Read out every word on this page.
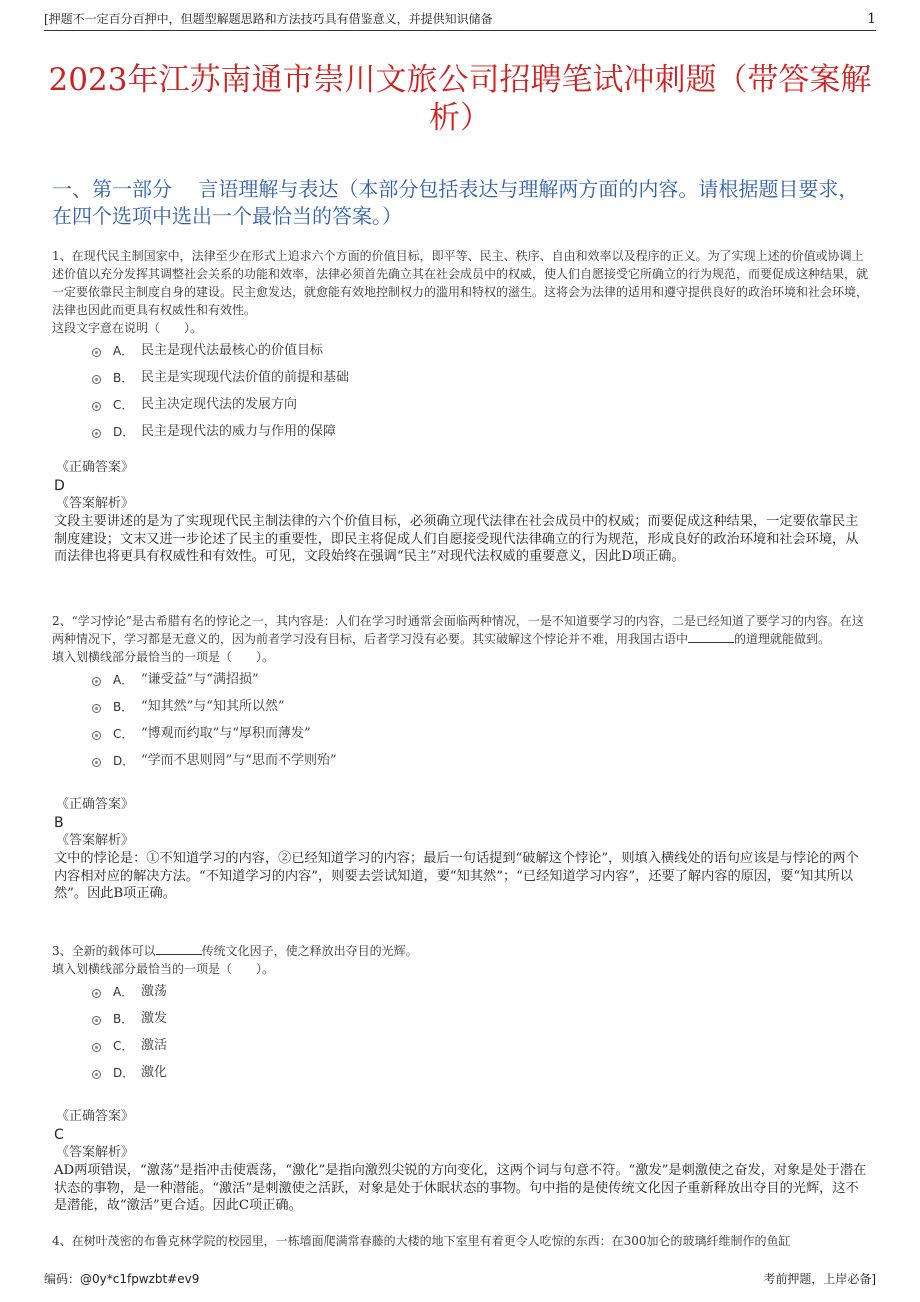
[押题不一定百分百押中，但题型解题思路和方法技巧具有借鉴意义，并提供知识储备	1
2023年江苏南通市崇川文旅公司招聘笔试冲刺题（带答案解析）
一、第一部分　 言语理解与表达（本部分包括表达与理解两方面的内容。请根据题目要求，在四个选项中选出一个最恰当的答案。）

1、在现代民主制国家中，法律至少在形式上追求六个方面的价值目标，即平等、民主、秩序、自由和效率以及程序的正义。为了实现上述的价值或协调上述价值以充分发挥其调整社会关系的功能和效率，法律必须首先确立其在社会成员中的权威，使人们自愿接受它所确立的行为规范，而要促成这种结果，就一定要依靠民主制度自身的建设。民主愈发达，就愈能有效地控制权力的滥用和特权的滋生。这将会为法律的适用和遵守提供良好的政治环境和社会环境，法律也因此而更具有权威性和有效性。

这段文字意在说明（　　）。

A． 民主是现代法最核心的价值目标
B． 民主是实现现代法价值的前提和基础
C． 民主决定现代法的发展方向
D． 民主是现代法的威力与作用的保障

《正确答案》

D

《答案解析》

文段主要讲述的是为了实现现代民主制法律的六个价值目标，必须确立现代法律在社会成员中的权威；而要促成这种结果，一定要依靠民主制度建设；文末又进一步论述了民主的重要性，即民主将促成人们自愿接受现代法律确立的行为规范，形成良好的政治环境和社会环境，从而法律也将更具有权威性和有效性。可见，文段始终在强调“民主”对现代法权威的重要意义，因此D项正确。

2、“学习悖论”是古希腊有名的悖论之一，其内容是：人们在学习时通常会面临两种情况，一是不知道要学习的内容，二是已经知道了要学习的内容。在这两种情况下，学习都是无意义的，因为前者学习没有目标，后者学习没有必要。其实破解这个悖论并不难，用我国古语中	的道理就能做到。

填入划横线部分最恰当的一项是（　　）。

A． “谦受益”与“满招损”
B． “知其然”与“知其所以然”
C． “博观而约取”与“厚积而薄发”
D． “学而不思则罔”与“思而不学则殆”

《正确答案》

B

《答案解析》

文中的悖论是：①不知道学习的内容，②已经知道学习的内容；最后一句话提到“破解这个悖论”，则填入横线处的语句应该是与悖论的两个内容相对应的解决方法。“不知道学习的内容”，则要去尝试知道，要“知其然”；“已经知道学习内容”，还要了解内容的原因，要“知其所以然”。因此B项正确。

3、全新的载体可以	传统文化因子，使之释放出夺目的光辉。

填入划横线部分最恰当的一项是（　　）。

A． 激荡
B． 激发
C． 激活
D． 激化

《正确答案》

C

《答案解析》

AD两项错误，“激荡”是指冲击使震荡，“激化”是指向激烈尖锐的方向变化，这两个词与句意不符。“激发”是刺激使之奋发，对象是处于潜在状态的事物，是一种潜能。“激活”是刺激使之活跃，对象是处于休眠状态的事物。句中指的是使传统文化因子重新释放出夺目的光辉，这不是潜能，故“激活”更合适。因此C项正确。

4、在树叶茂密的布鲁克林学院的校园里，一栋墙面爬满常春藤的大楼的地下室里有着更令人吃惊的东西：在300加仑的玻璃纤维制作的鱼缸

编码：@0y*c1fpwzbt#ev9	考前押题，上岸必备]
